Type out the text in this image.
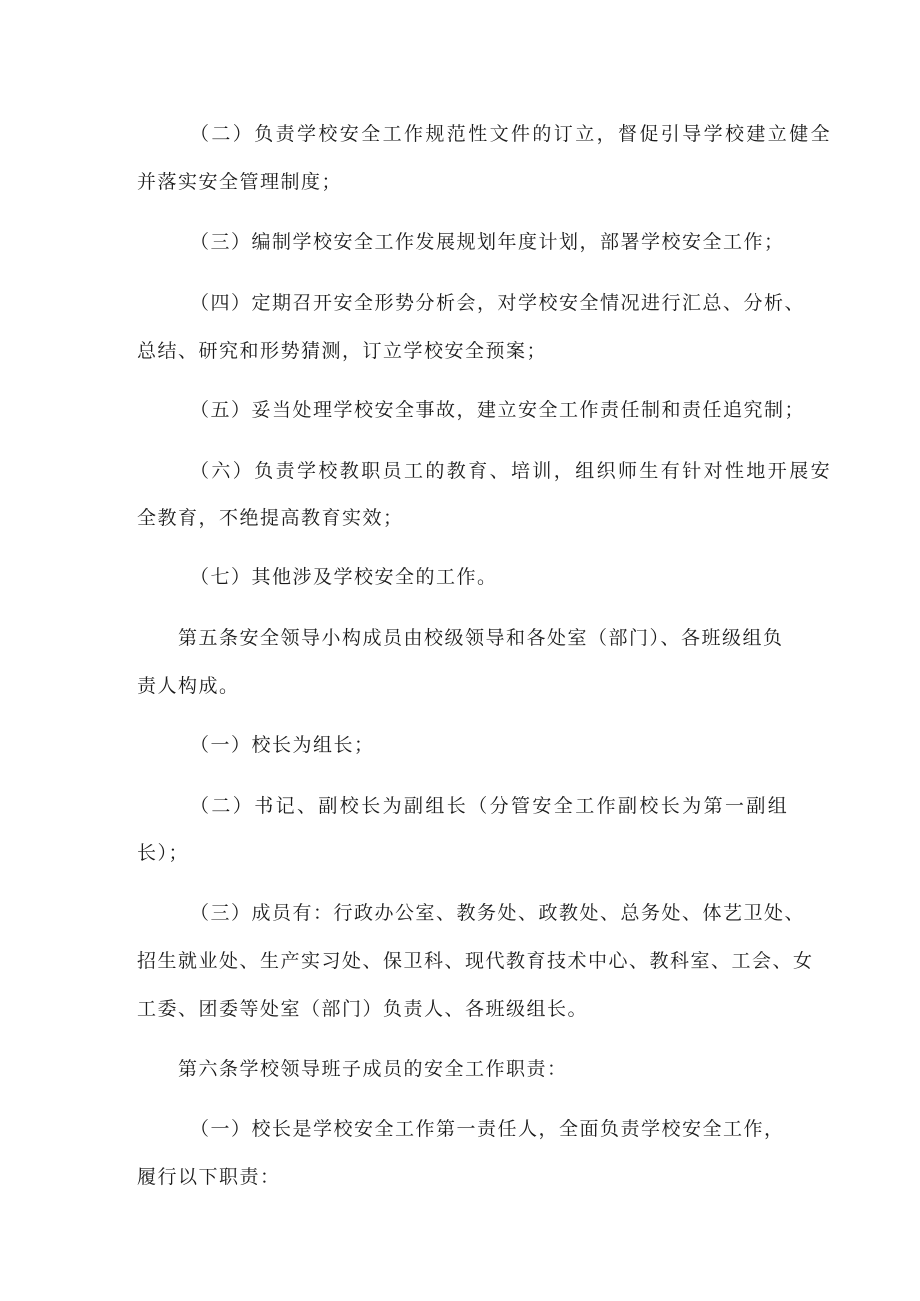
（二）负责学校安全工作规范性文件的订立，督促引导学校建立健全
并落实安全管理制度；
（三）编制学校安全工作发展规划年度计划，部署学校安全工作；
（四）定期召开安全形势分析会，对学校安全情况进行汇总、分析、
总结、研究和形势猜测，订立学校安全预案；
（五）妥当处理学校安全事故，建立安全工作责任制和责任追究制；
（六）负责学校教职员工的教育、培训，组织师生有针对性地开展安
全教育，不绝提高教育实效；
（七）其他涉及学校安全的工作。
第五条安全领导小构成员由校级领导和各处室（部门）、各班级组负
责人构成。
（一）校长为组长；
（二）书记、副校长为副组长（分管安全工作副校长为第一副组
长）；
（三）成员有：行政办公室、教务处、政教处、总务处、体艺卫处、
招生就业处、生产实习处、保卫科、现代教育技术中心、教科室、工会、女
工委、团委等处室（部门）负责人、各班级组长。
第六条学校领导班子成员的安全工作职责：
（一）校长是学校安全工作第一责任人，全面负责学校安全工作，
履行以下职责：
